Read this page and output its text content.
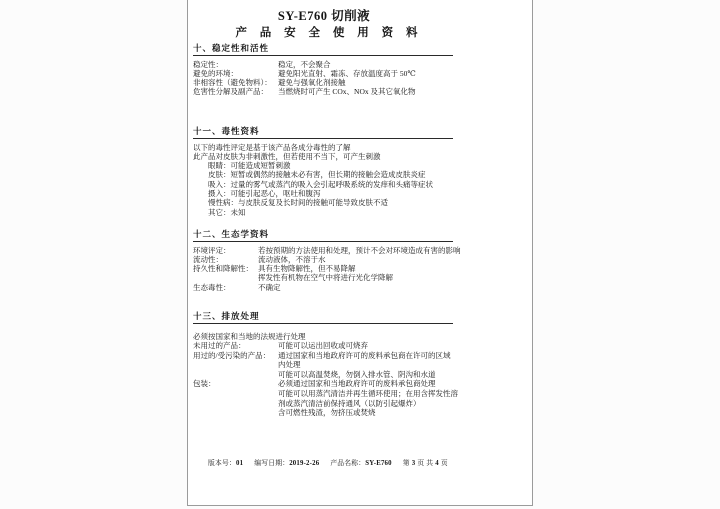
SY-E760 切削液
产 品 安 全 使 用 资 料
十、稳定性和活性
稳定性：	稳定，不会聚合
避免的环境：	避免阳光直射、霜冻、存放温度高于 50℃
非相容性（避免物料）： 避免与强氧化剂接触
危害性分解及副产品：	当燃烧时可产生 COx、NOx 及其它氧化物
十一、毒性资料
以下的毒性评定是基于该产品各成分毒性的了解
此产品对皮肤为非刺激性，但若使用不当下，可产生刺激
眼睛：可能造成短暂刺激
皮肤：短暂或偶然的接触未必有害，但长期的接触会造成皮肤炎症
吸入：过量的雾气或蒸汽的吸入会引起呼吸系统的发痒和头痛等症状
摄入：可能引起恶心，呕吐和腹泻
慢性病：与皮肤反复及长时间的接触可能导致皮肤不适
其它：未知
十二、生态学资料
环境评定：	若按预期的方法使用和处理，预计不会对环境造成有害的影响
流动性：	流动液体，不溶于水
持久性和降解性： 具有生物降解性，但不易降解
挥发性有机物在空气中将进行光化学降解
生态毒性：	不确定
十三、排放处理
必须按国家和当地的法规进行处理
未用过的产品：	可能可以运出回收或可烧弃
用过的/受污染的产品：	通过国家和当地政府许可的废料承包商在许可的区域
内处理
可能可以高温焚烧，勿倒入排水管、阴沟和水道
包装：	必须通过国家和当地政府许可的废料承包商处理
可能可以用蒸汽清洁并再生循环使用；在用含挥发性溶
剂或蒸汽清洁前保持通风（以防引起爆炸）
含可燃性残渣，勿挤压或焚烧
版本号：01 编写日期：2019-2-26 产品名称：SY-E760 第 3 页 共 4 页
